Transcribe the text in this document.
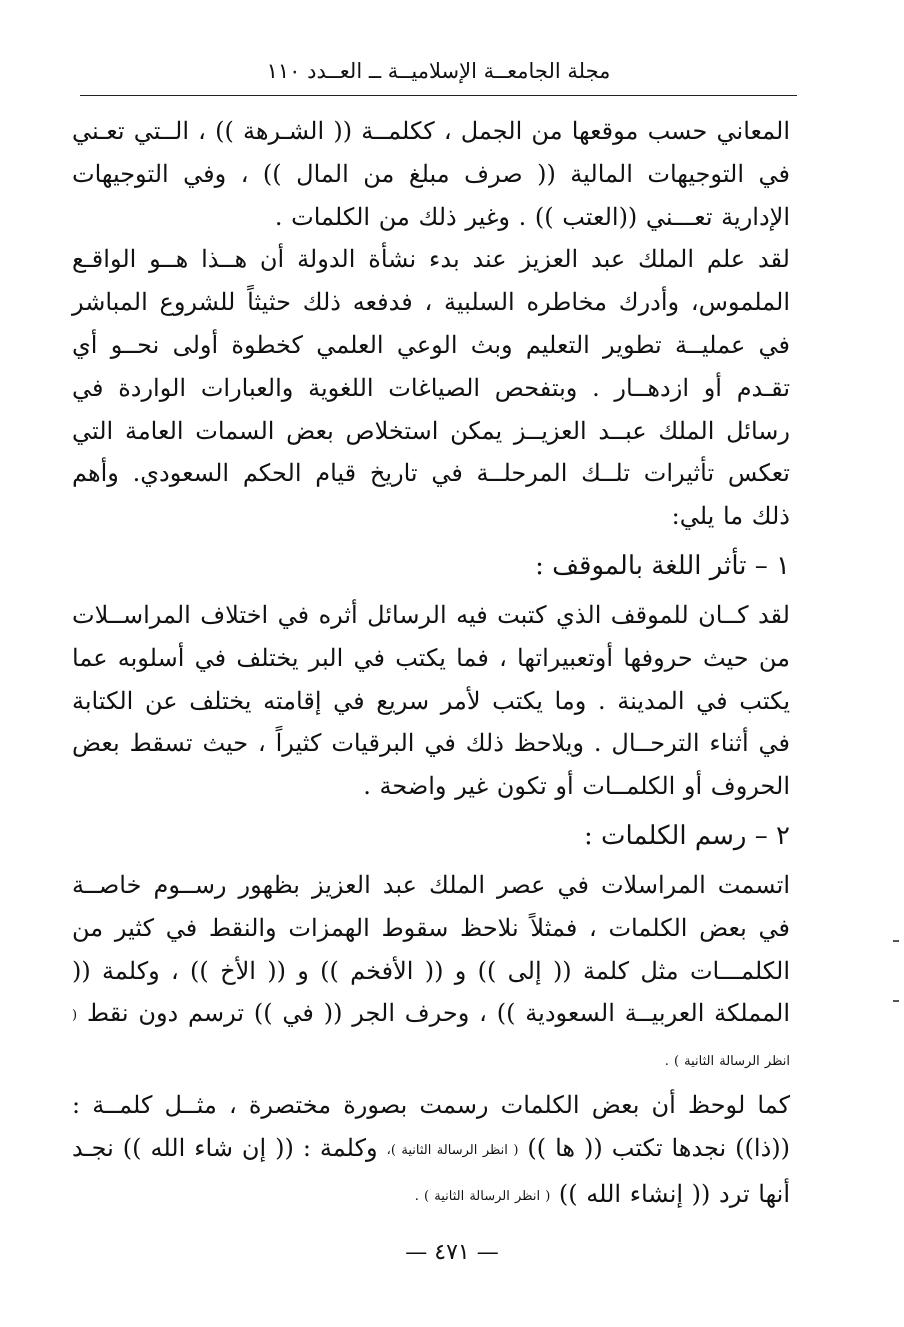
مجلة الجامعــة الإسلاميــة ــ العــدد ١١٠

المعاني حسب موقعها من الجمل ، ككلمــة (( الشـرهة )) ، الــتي تعـني في التوجيهات المالية (( صرف مبلغ من المال )) ، وفي التوجيهات الإدارية تعـــني ((العتب )) . وغير ذلك من الكلمات .

لقد علم الملك عبد العزيز عند بدء نشأة الدولة أن هــذا هــو الواقـع الملموس، وأدرك مخاطره السلبية ، فدفعه ذلك حثيثاً للشروع المباشر في عمليــة تطوير التعليم وبث الوعي العلمي كخطوة أولى نحــو أي تقـدم أو ازدهــار . وبتفحص الصياغات اللغوية والعبارات الواردة في رسائل الملك عبــد العزيــز يمكن استخلاص بعض السمات العامة التي تعكس تأثيرات تلــك المرحلــة في تاريخ قيام الحكم السعودي. وأهم ذلك ما يلي:

١ – تأثر اللغة بالموقف :

لقد كــان للموقف الذي كتبت فيه الرسائل أثره في اختلاف المراســلات من حيث حروفها أوتعبيراتها ، فما يكتب في البر يختلف في أسلوبه عما يكتب في المدينة . وما يكتب لأمر سريع في إقامته يختلف عن الكتابة في أثناء الترحــال . ويلاحظ ذلك في البرقيات كثيراً ، حيث تسقط بعض الحروف أو الكلمــات أو تكون غير واضحة .

٢ – رسم الكلمات :

اتسمت المراسلات في عصر الملك عبد العزيز بظهور رســوم خاصــة في بعض الكلمات ، فمثلاً نلاحظ سقوط الهمزات والنقط في كثير من الكلمـــات مثل كلمة (( إلى )) و (( الأفخم )) و (( الأخ )) ، وكلمة (( المملكة العربيــة السعودية )) ، وحرف الجر (( في )) ترسم دون نقط ( انظر الرسالة الثانية ) .

كما لوحظ أن بعض الكلمات رسمت بصورة مختصرة ، مثــل كلمــة : ((ذا)) نجدها تكتب (( ها )) ( انظر الرسالة الثانية )، وكلمة : (( إن شاء الله )) نجـد أنها ترد (( إنشاء الله )) ( انظر الرسالة الثانية ) .

— ٤٧١ —
